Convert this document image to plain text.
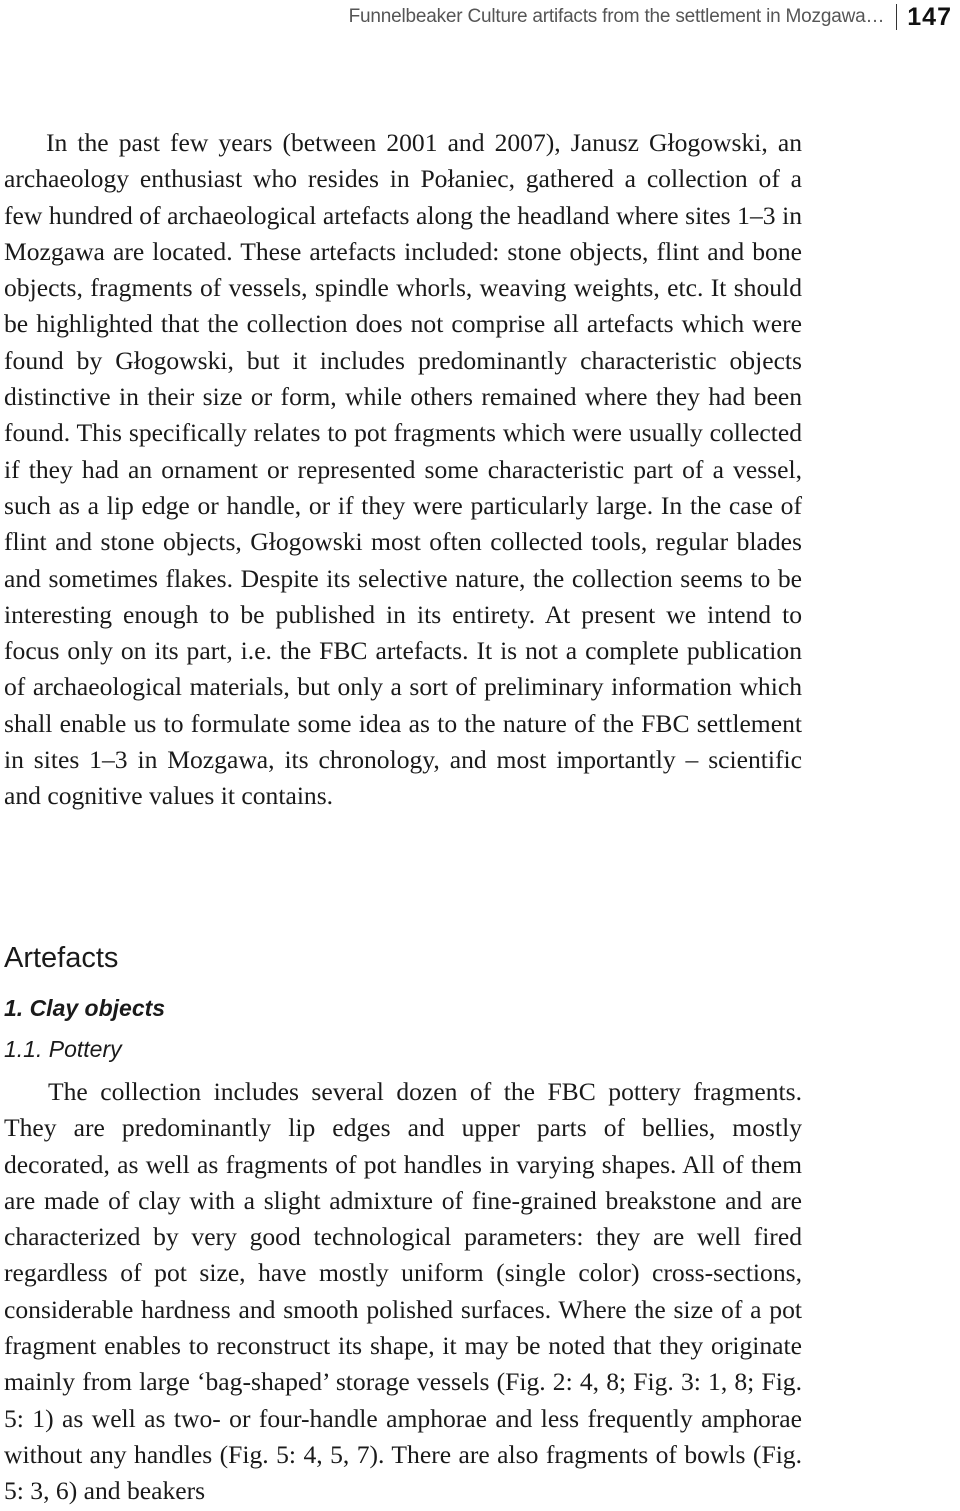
Funnelbeaker Culture artifacts from the settlement in Mozgawa… 147

In the past few years (between 2001 and 2007), Janusz Głogowski, an archaeology enthusiast who resides in Połaniec, gathered a collection of a few hundred of archaeological artefacts along the headland where sites 1–3 in Mozgawa are located. These artefacts included: stone objects, flint and bone objects, fragments of vessels, spindle whorls, weaving weights, etc. It should be highlighted that the collection does not comprise all artefacts which were found by Głogowski, but it includes predominantly characteristic objects distinctive in their size or form, while others remained where they had been found. This specifically relates to pot fragments which were usually collected if they had an ornament or represented some characteristic part of a vessel, such as a lip edge or handle, or if they were particularly large. In the case of flint and stone objects, Głogowski most often collected tools, regular blades and sometimes flakes. Despite its selective nature, the collection seems to be interesting enough to be published in its entirety. At present we intend to focus only on its part, i.e. the FBC artefacts. It is not a complete publication of archaeological materials, but only a sort of preliminary information which shall enable us to formulate some idea as to the nature of the FBC settlement in sites 1–3 in Mozgawa, its chronology, and most importantly – scientific and cognitive values it contains.

Artefacts
1. Clay objects
1.1. Pottery

The collection includes several dozen of the FBC pottery fragments. They are predominantly lip edges and upper parts of bellies, mostly decorated, as well as fragments of pot handles in varying shapes. All of them are made of clay with a slight admixture of fine-grained breakstone and are characterized by very good technological parameters: they are well fired regardless of pot size, have mostly uniform (single color) cross-sections, considerable hardness and smooth polished surfaces. Where the size of a pot fragment enables to reconstruct its shape, it may be noted that they originate mainly from large ‘bag-shaped’ storage vessels (Fig. 2: 4, 8; Fig. 3: 1, 8; Fig. 5: 1) as well as two- or four-handle amphorae and less frequently amphorae without any handles (Fig. 5: 4, 5, 7). There are also fragments of bowls (Fig. 5: 3, 6) and beakers
